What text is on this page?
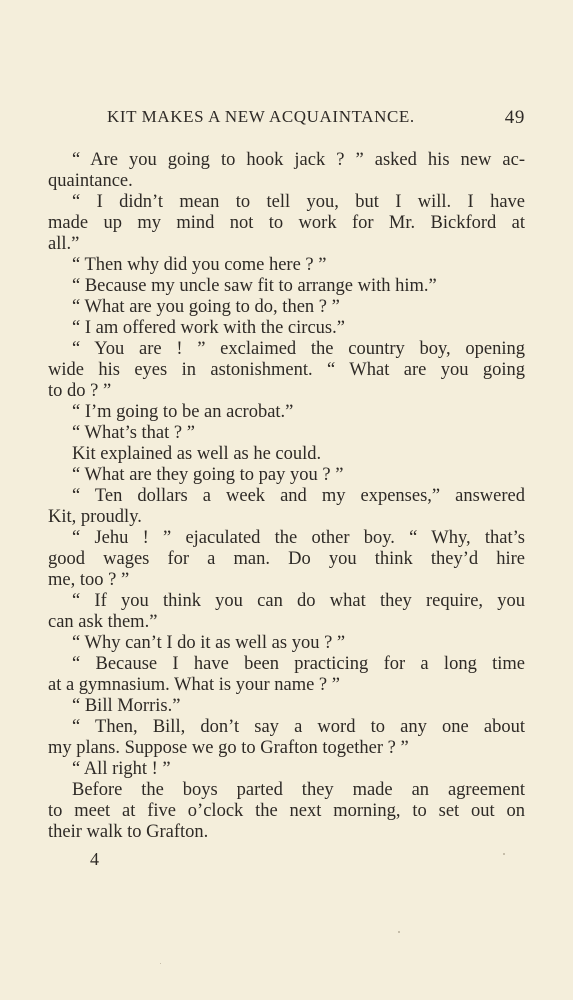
KIT MAKES A NEW ACQUAINTANCE.	49
“ Are you going to hook jack ? ” asked his new ac-
quaintance.
“ I didn’t mean to tell you, but I will. I have
made up my mind not to work for Mr. Bickford at
all.”
“ Then why did you come here ? ”
“ Because my uncle saw fit to arrange with him.”
“ What are you going to do, then ? ”
“ I am offered work with the circus.”
“ You are ! ” exclaimed the country boy, opening
wide his eyes in astonishment. “ What are you going
to do ? ”
“ I’m going to be an acrobat.”
“ What’s that ? ”
Kit explained as well as he could.
“ What are they going to pay you ? ”
“ Ten dollars a week and my expenses,” answered
Kit, proudly.
“ Jehu ! ” ejaculated the other boy. “ Why, that’s
good wages for a man. Do you think they’d hire
me, too ? ”
“ If you think you can do what they require, you
can ask them.”
“ Why can’t I do it as well as you ? ”
“ Because I have been practicing for a long time
at a gymnasium. What is your name ? ”
“ Bill Morris.”
“ Then, Bill, don’t say a word to any one about
my plans. Suppose we go to Grafton together ? ”
“ All right ! ”
Before the boys parted they made an agreement
to meet at five o’clock the next morning, to set out on
their walk to Grafton.
4
